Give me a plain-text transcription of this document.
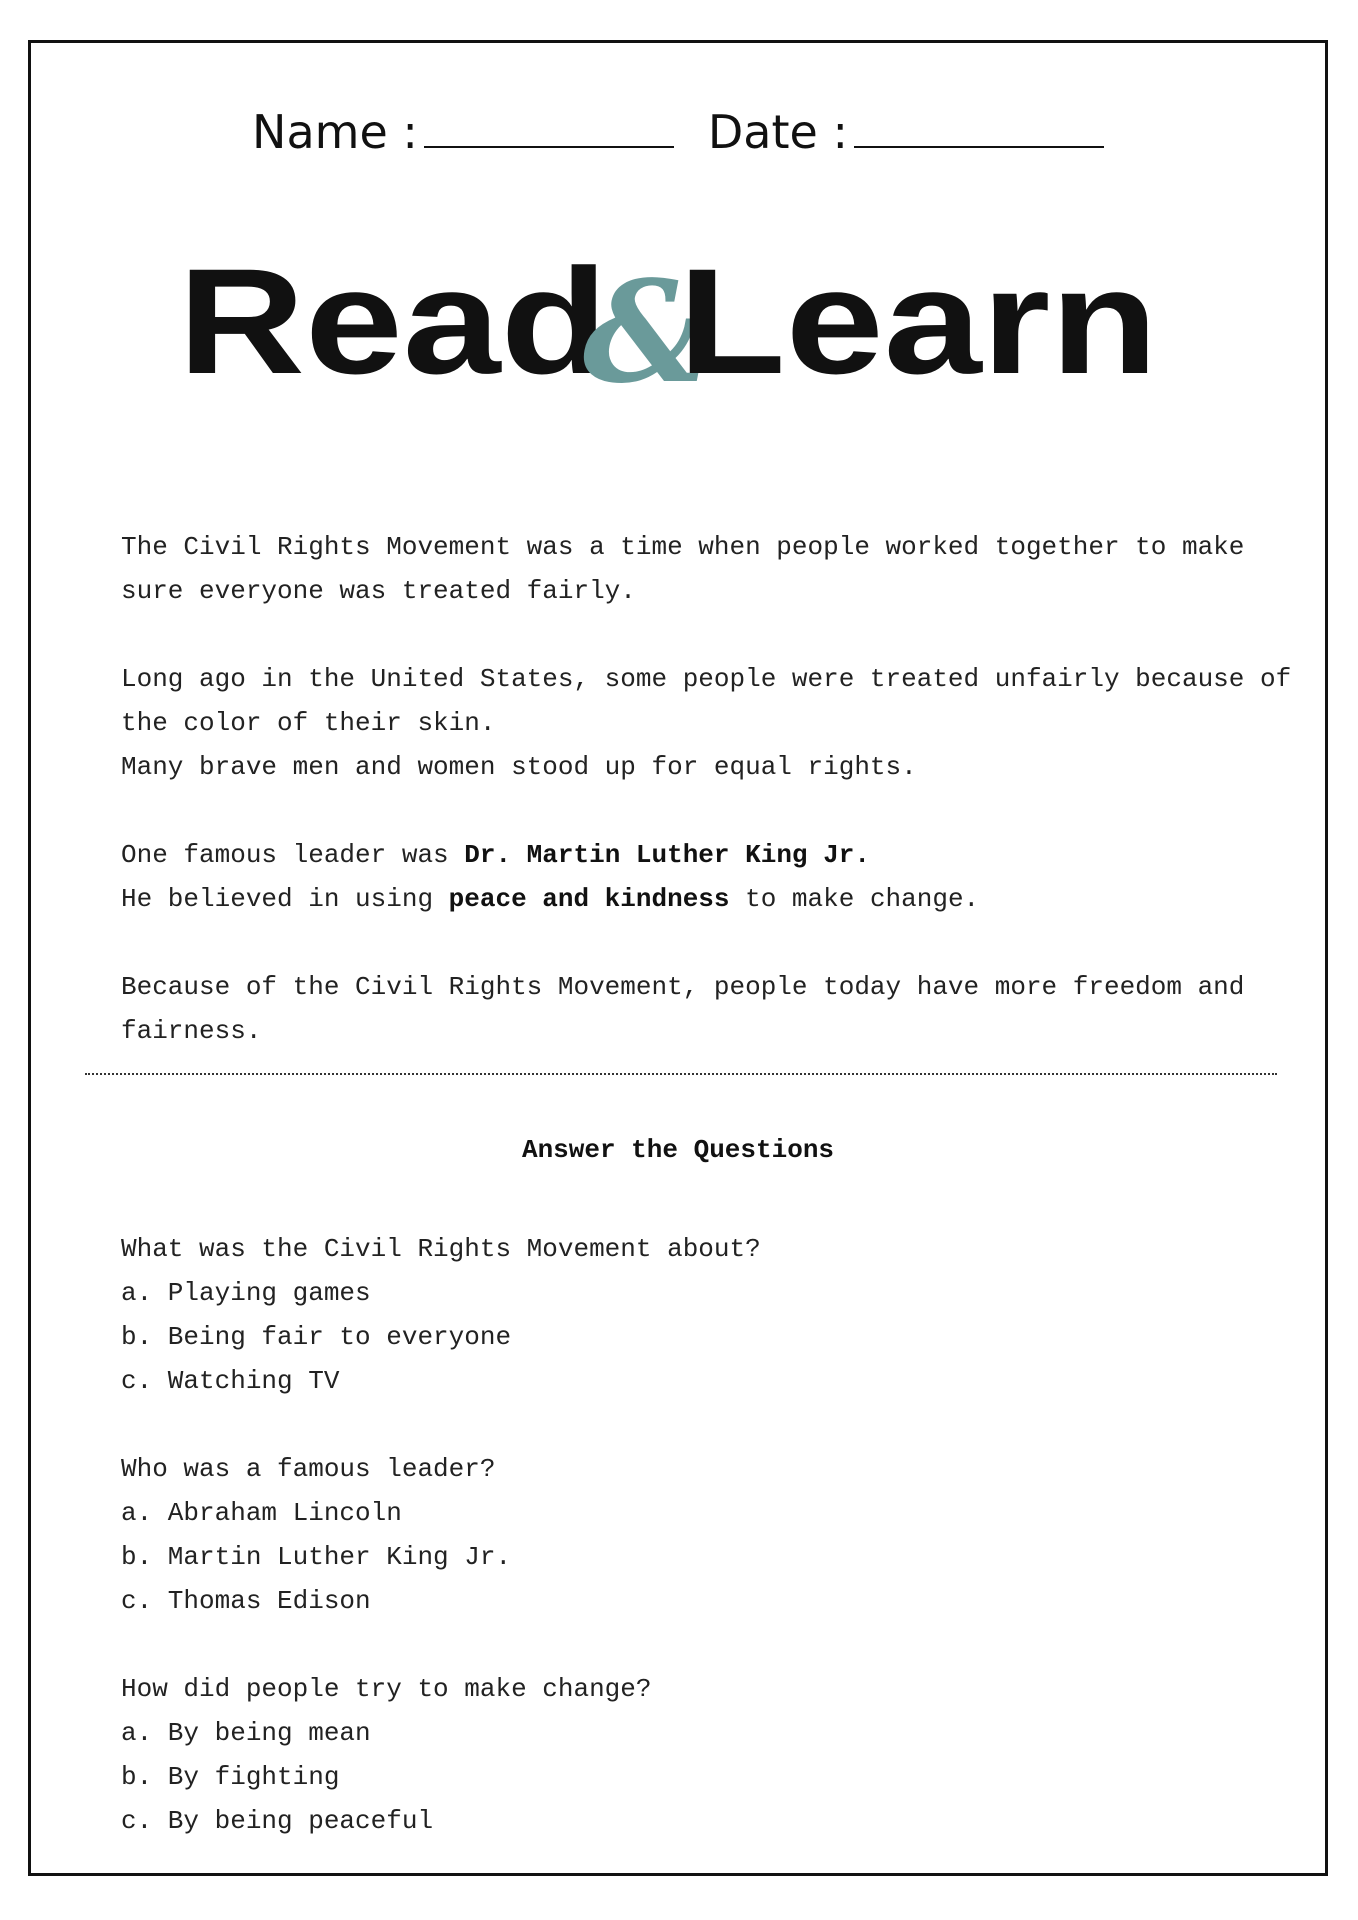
Name :	Date :
Read
&
Learn

The Civil Rights Movement was a time when people worked together to make sure everyone was treated fairly.

Long ago in the United States, some people were treated unfairly because of the color of their skin.
Many brave men and women stood up for equal rights.

One famous leader was Dr. Martin Luther King Jr.
He believed in using peace and kindness to make change.

Because of the Civil Rights Movement, people today have more freedom and fairness.

Answer the Questions
What was the Civil Rights Movement about?
a. Playing games
b. Being fair to everyone
c. Watching TV
Who was a famous leader?
a. Abraham Lincoln
b. Martin Luther King Jr.
c. Thomas Edison
How did people try to make change?
a. By being mean
b. By fighting
c. By being peaceful
